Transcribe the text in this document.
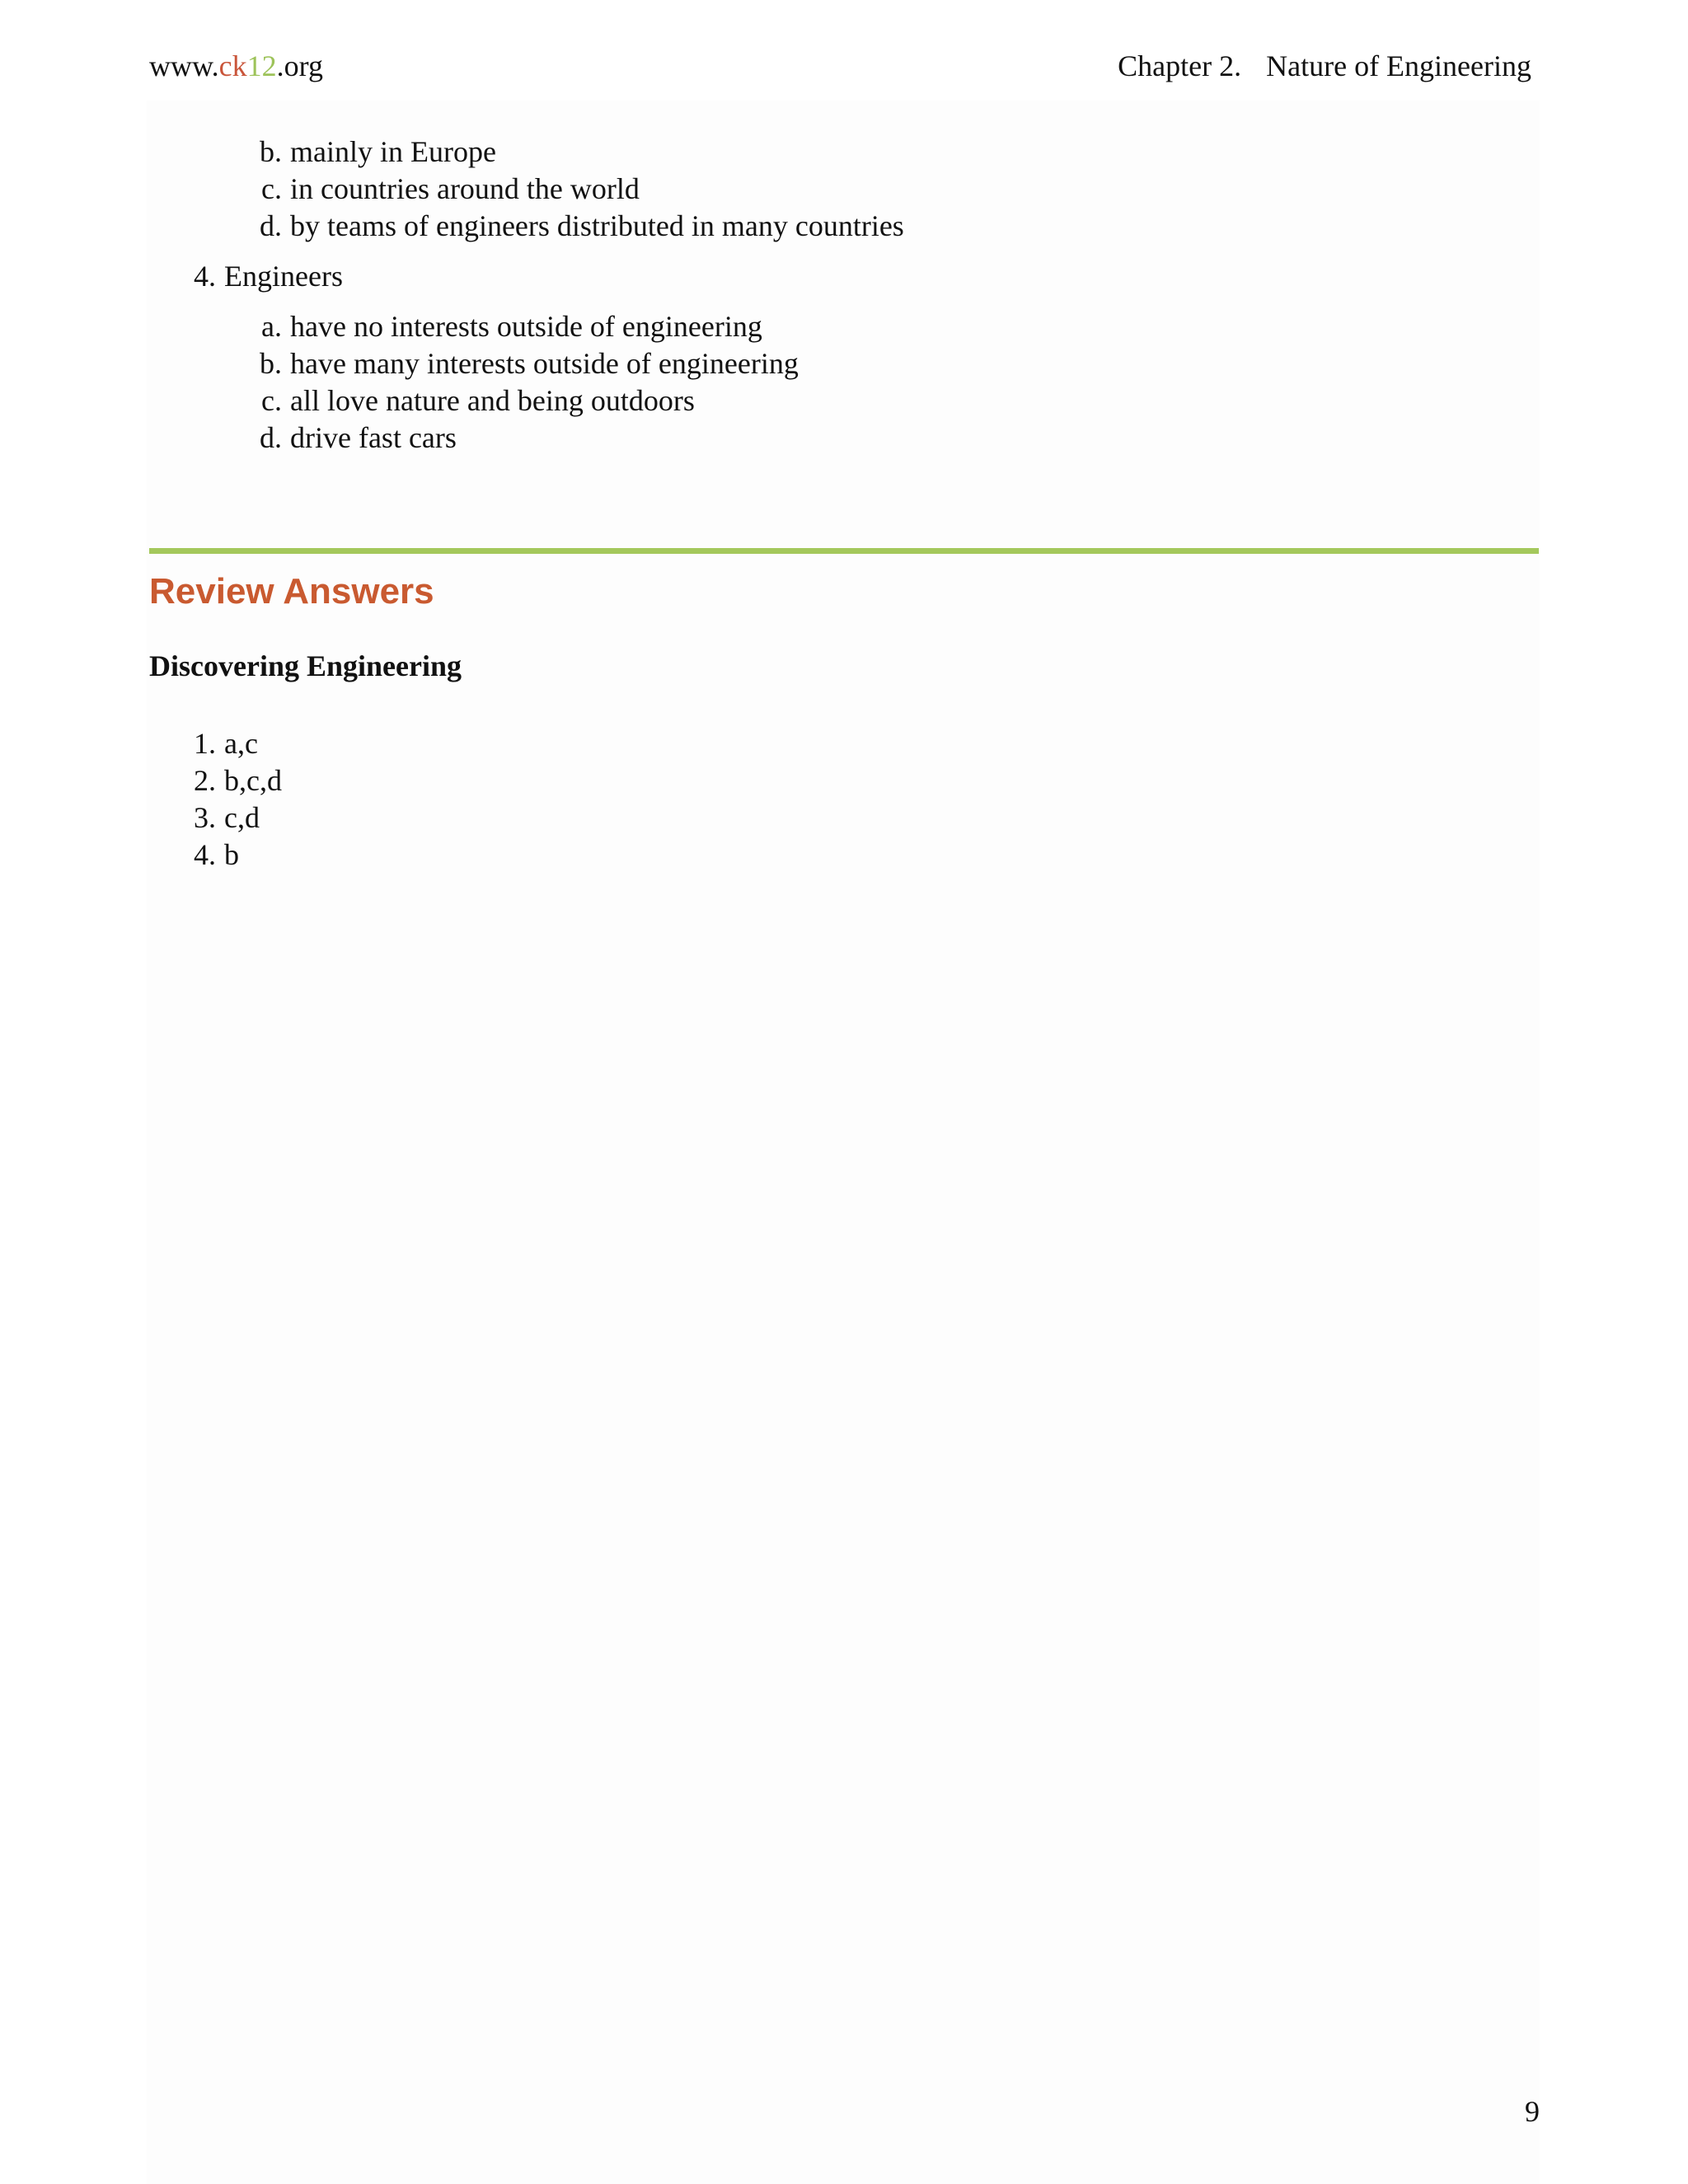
www.ck12.org	Chapter 2. Nature of Engineering
b. mainly in Europe
c. in countries around the world
d. by teams of engineers distributed in many countries
4. Engineers
a. have no interests outside of engineering
b. have many interests outside of engineering
c. all love nature and being outdoors
d. drive fast cars
Review Answers
Discovering Engineering
1. a,c
2. b,c,d
3. c,d
4. b
9
